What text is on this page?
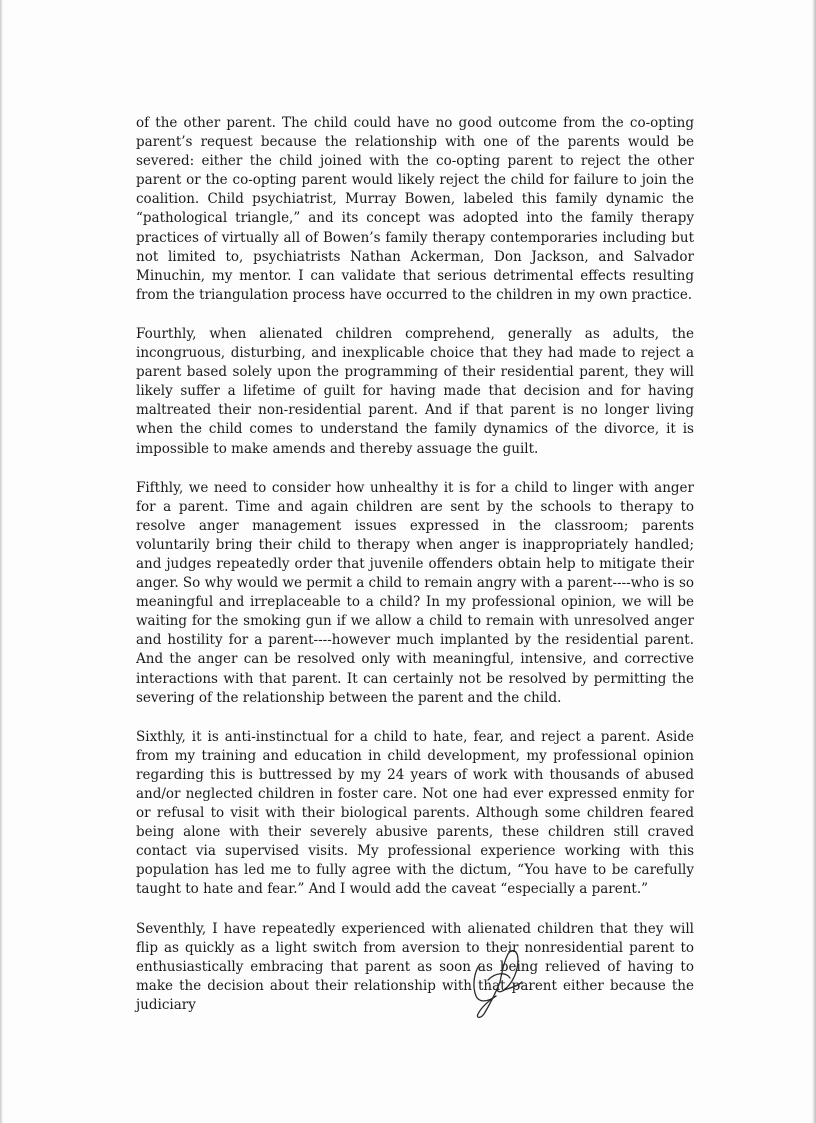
of the other parent. The child could have no good outcome from the co-opting parent’s request because the relationship with one of the parents would be severed: either the child joined with the co-opting parent to reject the other parent or the co-opting parent would likely reject the child for failure to join the coalition. Child psychiatrist, Murray Bowen, labeled this family dynamic the “pathological triangle,” and its concept was adopted into the family therapy practices of virtually all of Bowen’s family therapy contemporaries including but not limited to, psychiatrists Nathan Ackerman, Don Jackson, and Salvador Minuchin, my mentor. I can validate that serious detrimental effects resulting from the triangulation process have occurred to the children in my own practice.

Fourthly, when alienated children comprehend, generally as adults, the incongruous, disturbing, and inexplicable choice that they had made to reject a parent based solely upon the programming of their residential parent, they will likely suffer a lifetime of guilt for having made that decision and for having maltreated their non-residential parent. And if that parent is no longer living when the child comes to understand the family dynamics of the divorce, it is impossible to make amends and thereby assuage the guilt.

Fifthly, we need to consider how unhealthy it is for a child to linger with anger for a parent. Time and again children are sent by the schools to therapy to resolve anger management issues expressed in the classroom; parents voluntarily bring their child to therapy when anger is inappropriately handled; and judges repeatedly order that juvenile offenders obtain help to mitigate their anger. So why would we permit a child to remain angry with a parent----who is so meaningful and irreplaceable to a child? In my professional opinion, we will be waiting for the smoking gun if we allow a child to remain with unresolved anger and hostility for a parent----however much implanted by the residential parent. And the anger can be resolved only with meaningful, intensive, and corrective interactions with that parent. It can certainly not be resolved by permitting the severing of the relationship between the parent and the child.

Sixthly, it is anti-instinctual for a child to hate, fear, and reject a parent. Aside from my training and education in child development, my professional opinion regarding this is buttressed by my 24 years of work with thousands of abused and/or neglected children in foster care. Not one had ever expressed enmity for or refusal to visit with their biological parents. Although some children feared being alone with their severely abusive parents, these children still craved contact via supervised visits. My professional experience working with this population has led me to fully agree with the dictum, “You have to be carefully taught to hate and fear.” And I would add the caveat “especially a parent.”

Seventhly, I have repeatedly experienced with alienated children that they will flip as quickly as a light switch from aversion to their nonresidential parent to enthusiastically embracing that parent as soon as being relieved of having to make the decision about their relationship with that parent either because the judiciary
